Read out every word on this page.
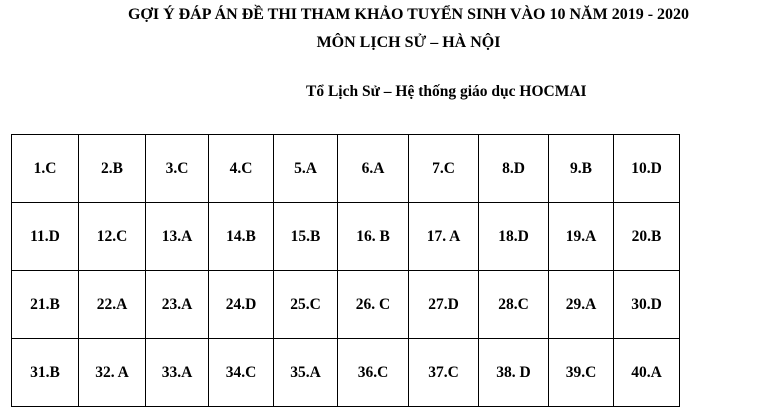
GỢI Ý ĐÁP ÁN ĐỀ THI THAM KHẢO TUYỂN SINH VÀO 10 NĂM 2019 - 2020
MÔN LỊCH SỬ – HÀ NỘI
Tổ Lịch Sử – Hệ thống giáo dục HOCMAI
1.C	2.B	3.C	4.C	5.A	6.A	7.C	8.D	9.B	10.D
11.D	12.C	13.A	14.B	15.B	16. B	17. A	18.D	19.A	20.B
21.B	22.A	23.A	24.D	25.C	26. C	27.D	28.C	29.A	30.D
31.B	32. A	33.A	34.C	35.A	36.C	37.C	38. D	39.C	40.A
